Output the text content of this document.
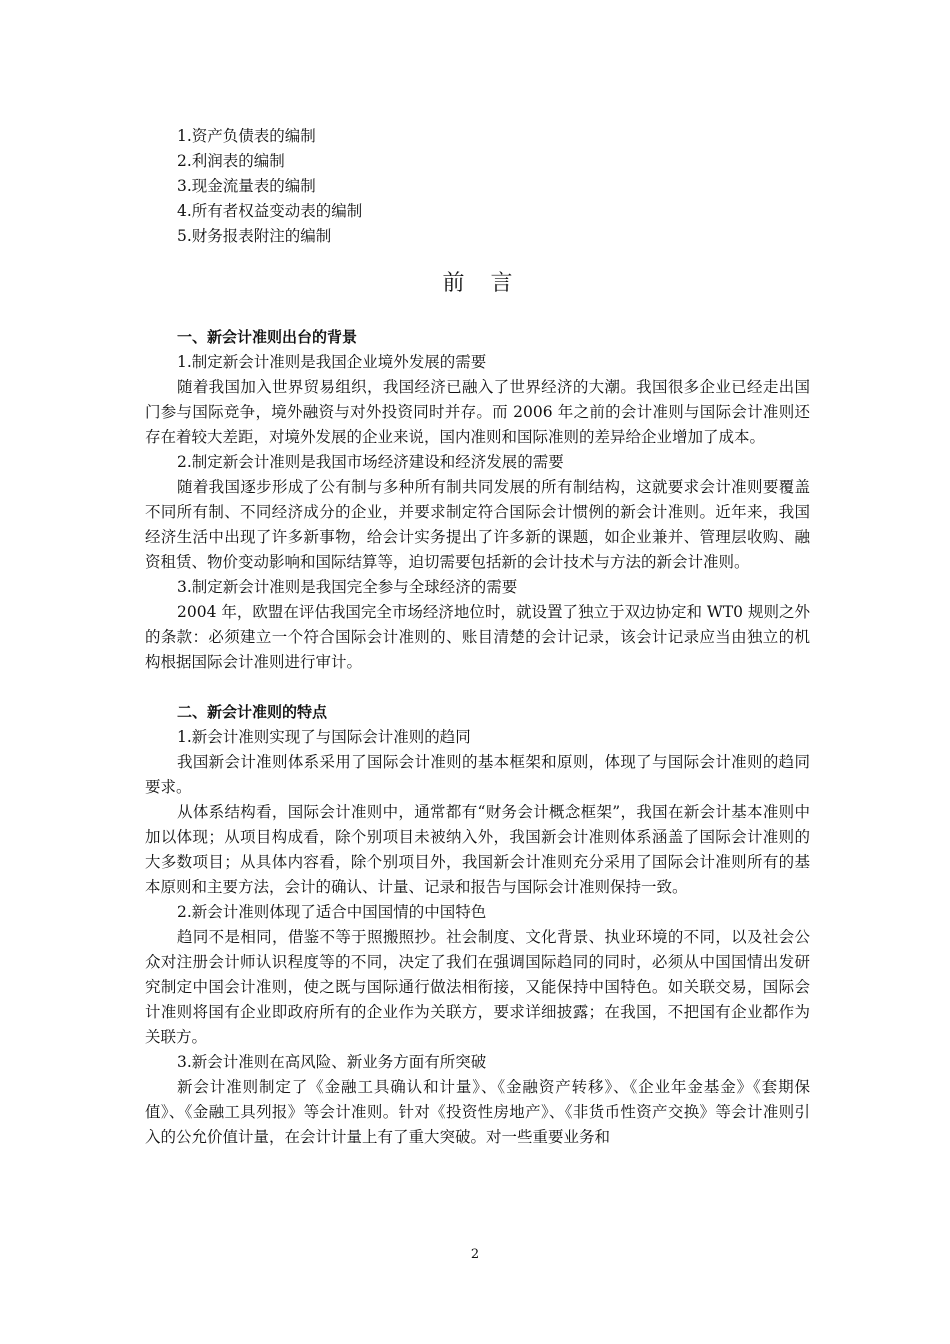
1.资产负债表的编制
2.利润表的编制
3.现金流量表的编制
4.所有者权益变动表的编制
5.财务报表附注的编制
前言
一、新会计准则出台的背景
1.制定新会计准则是我国企业境外发展的需要
随着我国加入世界贸易组织，我国经济已融入了世界经济的大潮。我国很多企业已经走出国门参与国际竞争，境外融资与对外投资同时并存。而 2006 年之前的会计准则与国际会计准则还存在着较大差距，对境外发展的企业来说，国内准则和国际准则的差异给企业增加了成本。
2.制定新会计准则是我国市场经济建设和经济发展的需要
随着我国逐步形成了公有制与多种所有制共同发展的所有制结构，这就要求会计准则要覆盖不同所有制、不同经济成分的企业，并要求制定符合国际会计惯例的新会计准则。近年来，我国经济生活中出现了许多新事物，给会计实务提出了许多新的课题，如企业兼并、管理层收购、融资租赁、物价变动影响和国际结算等，迫切需要包括新的会计技术与方法的新会计准则。
3.制定新会计准则是我国完全参与全球经济的需要
2004 年，欧盟在评估我国完全市场经济地位时，就设置了独立于双边协定和 WT0 规则之外的条款：必须建立一个符合国际会计准则的、账目清楚的会计记录，该会计记录应当由独立的机构根据国际会计准则进行审计。
二、新会计准则的特点
1.新会计准则实现了与国际会计准则的趋同
我国新会计准则体系采用了国际会计准则的基本框架和原则，体现了与国际会计准则的趋同要求。
从体系结构看，国际会计准则中，通常都有“财务会计概念框架”，我国在新会计基本准则中加以体现；从项目构成看，除个别项目未被纳入外，我国新会计准则体系涵盖了国际会计准则的大多数项目；从具体内容看，除个别项目外，我国新会计准则充分采用了国际会计准则所有的基本原则和主要方法，会计的确认、计量、记录和报告与国际会计准则保持一致。
2.新会计准则体现了适合中国国情的中国特色
趋同不是相同，借鉴不等于照搬照抄。社会制度、文化背景、执业环境的不同，以及社会公众对注册会计师认识程度等的不同，决定了我们在强调国际趋同的同时，必须从中国国情出发研究制定中国会计准则，使之既与国际通行做法相衔接，又能保持中国特色。如关联交易，国际会计准则将国有企业即政府所有的企业作为关联方，要求详细披露；在我国，不把国有企业都作为关联方。
3.新会计准则在高风险、新业务方面有所突破
新会计准则制定了《金融工具确认和计量》、《金融资产转移》、《企业年金基金》《套期保值》、《金融工具列报》等会计准则。针对《投资性房地产》、《非货币性资产交换》等会计准则引入的公允价值计量，在会计计量上有了重大突破。对一些重要业务和
2
